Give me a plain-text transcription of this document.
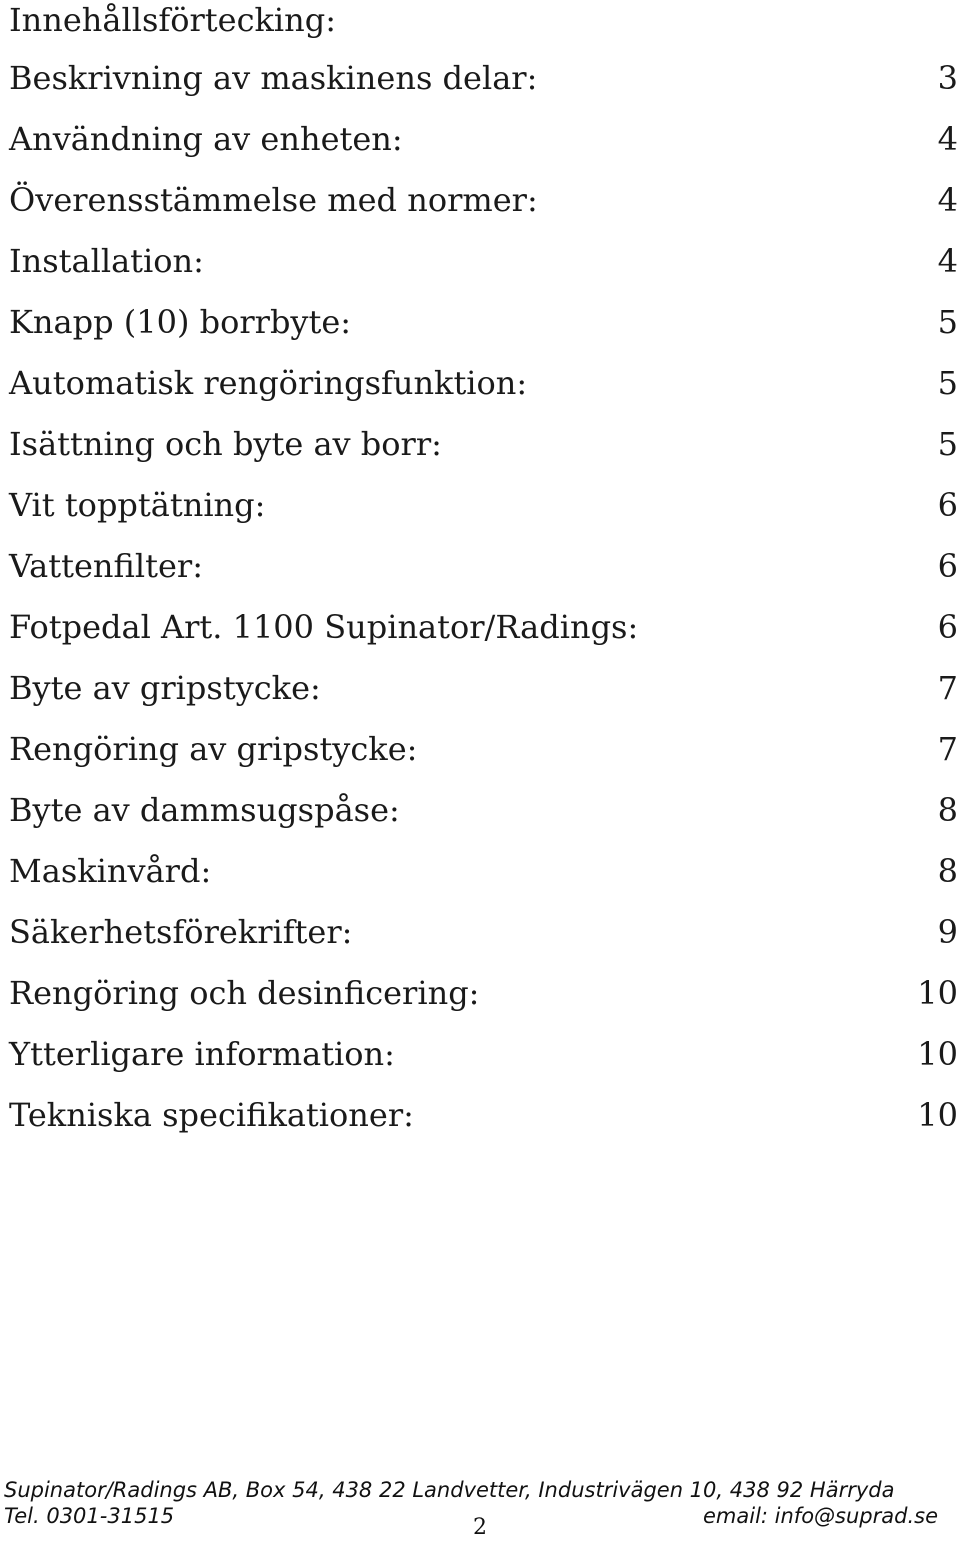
Innehållsförtecking:
Beskrivning av maskinens delar:	3
Användning av enheten:	4
Överensstämmelse med normer:	4
Installation:	4
Knapp (10) borrbyte:	5
Automatisk rengöringsfunktion:	5
Isättning och byte av borr:	5
Vit topptätning:	6
Vattenfilter:	6
Fotpedal Art. 1100 Supinator/Radings:	6
Byte av gripstycke:	7
Rengöring av gripstycke:	7
Byte av dammsugspåse:	8
Maskinvård:	8
Säkerhetsförekrifter:	9
Rengöring och desinficering:	10
Ytterligare information:	10
Tekniska specifikationer:	10
Supinator/Radings AB, Box 54, 438 22 Landvetter, Industrivägen 10, 438 92 Härryda
Tel. 0301-31515	2	email: info@suprad.se
